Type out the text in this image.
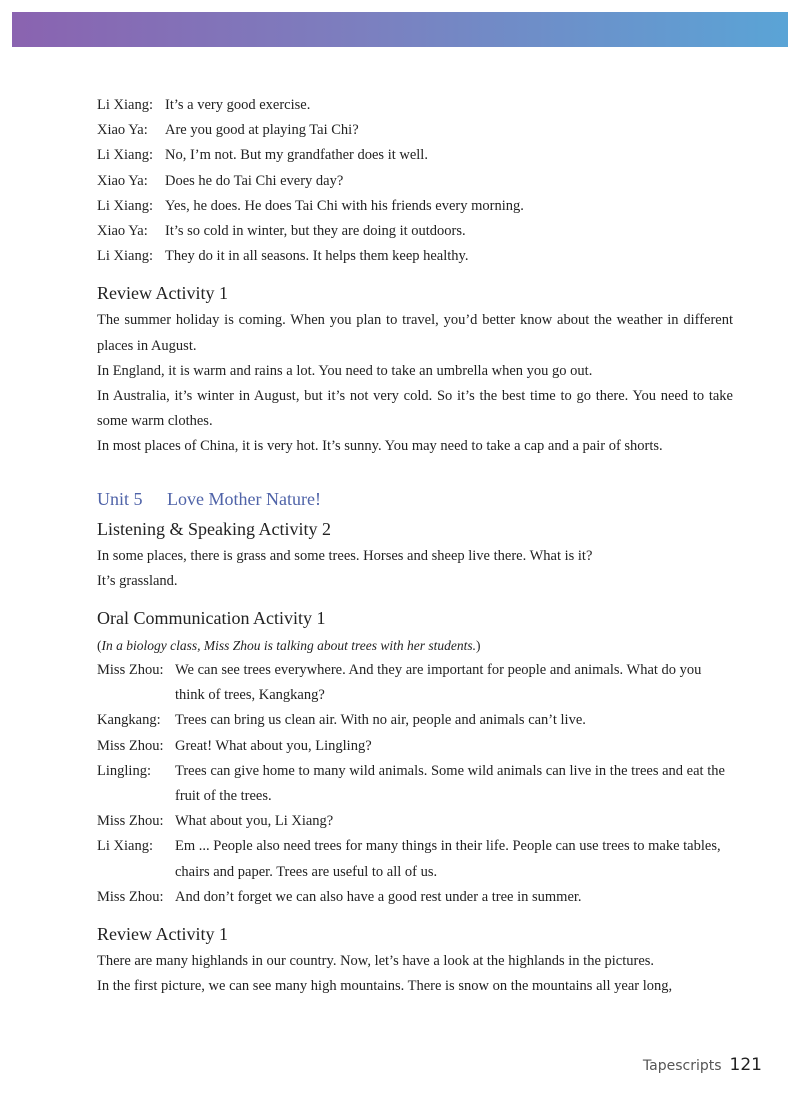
Li Xiang: It’s a very good exercise.
Xiao Ya:	Are you good at playing Tai Chi?
Li Xiang: No, I’m not. But my grandfather does it well.
Xiao Ya:	Does he do Tai Chi every day?
Li Xiang: Yes, he does. He does Tai Chi with his friends every morning.
Xiao Ya:	It’s so cold in winter, but they are doing it outdoors.
Li Xiang: They do it in all seasons. It helps them keep healthy.
Review Activity 1
The summer holiday is coming. When you plan to travel, you’d better know about the weather in different places in August.
In England, it is warm and rains a lot. You need to take an umbrella when you go out.
In Australia, it’s winter in August, but it’s not very cold. So it’s the best time to go there. You need to take some warm clothes.
In most places of China, it is very hot. It’s sunny. You may need to take a cap and a pair of shorts.
Unit 5	Love Mother Nature!
Listening & Speaking Activity 2
In some places, there is grass and some trees. Horses and sheep live there. What is it?
It’s grassland.
Oral Communication Activity 1
(In a biology class, Miss Zhou is talking about trees with her students.)
Miss Zhou: We can see trees everywhere. And they are important for people and animals. What do you think of trees, Kangkang?
Kangkang: Trees can bring us clean air. With no air, people and animals can’t live.
Miss Zhou: Great! What about you, Lingling?
Lingling:	Trees can give home to many wild animals. Some wild animals can live in the trees and eat the fruit of the trees.
Miss Zhou: What about you, Li Xiang?
Li Xiang:	Em ... People also need trees for many things in their life. People can use trees to make tables, chairs and paper. Trees are useful to all of us.
Miss Zhou: And don’t forget we can also have a good rest under a tree in summer.
Review Activity 1
There are many highlands in our country. Now, let’s have a look at the highlands in the pictures.
In the first picture, we can see many high mountains. There is snow on the mountains all year long,
Tapescripts 121
